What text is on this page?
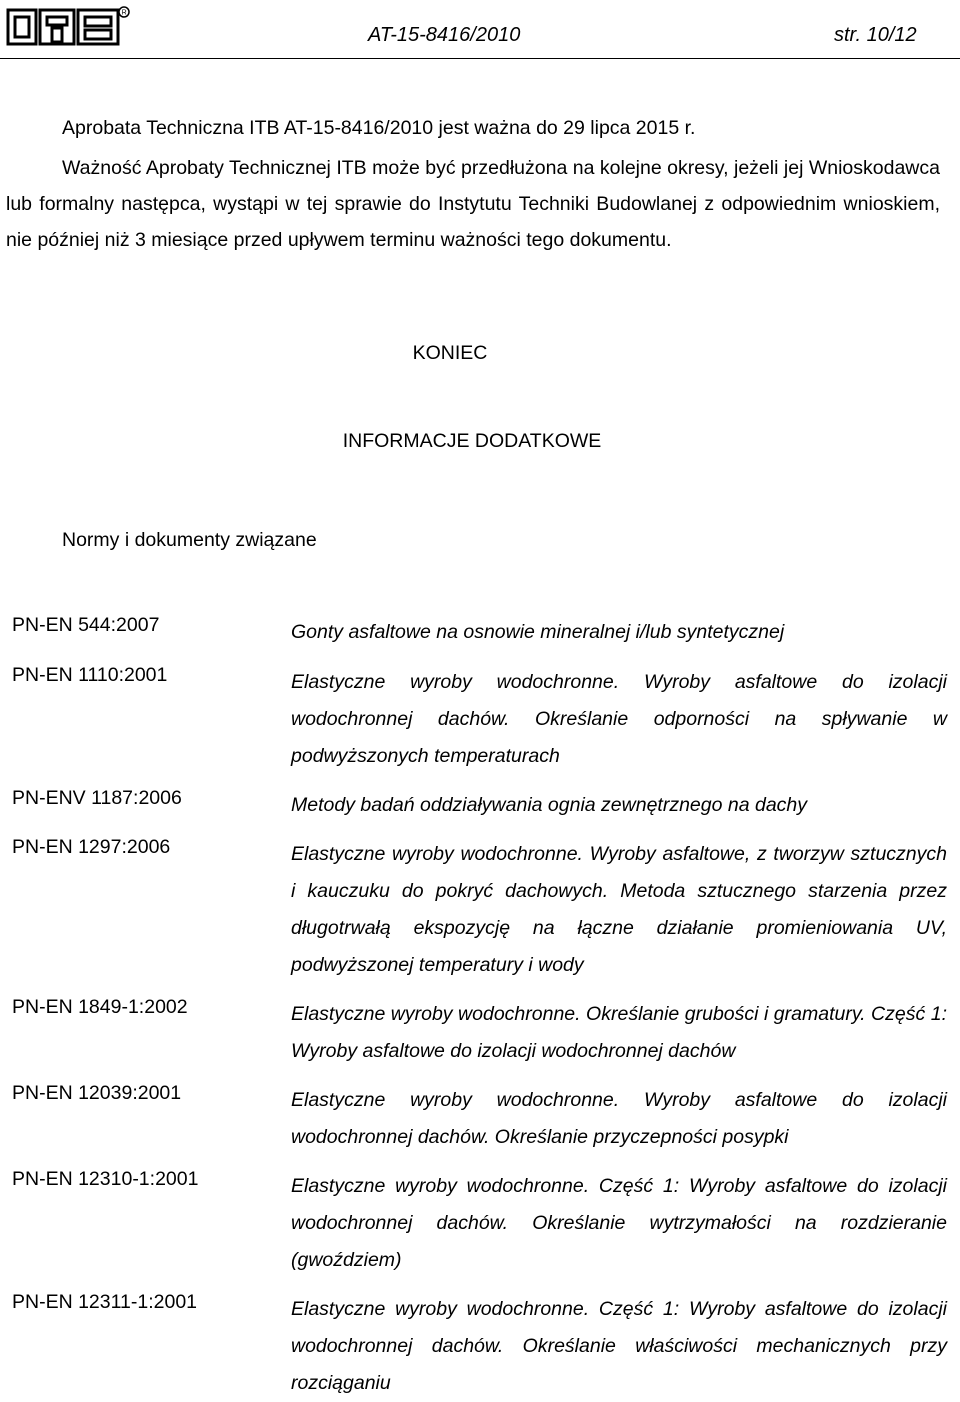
R
AT-15-8416/2010	str. 10/12
Aprobata Techniczna ITB AT-15-8416/2010 jest ważna do 29 lipca 2015 r.
Ważność Aprobaty Technicznej ITB może być przedłużona na kolejne okresy, jeżeli jej Wnioskodawca lub formalny następca, wystąpi w tej sprawie do Instytutu Techniki Budowlanej z odpowiednim wnioskiem, nie później niż 3 miesiące przed upływem terminu ważności tego dokumentu.
KONIEC
INFORMACJE DODATKOWE
Normy i dokumenty związane
PN-EN 544:2007	Gonty asfaltowe na osnowie mineralnej i/lub syntetycznej
PN-EN 1110:2001	Elastyczne wyroby wodochronne. Wyroby asfaltowe do izolacji wodochronnej dachów. Określanie odporności na spływanie w podwyższonych temperaturach
PN-ENV 1187:2006	Metody badań oddziaływania ognia zewnętrznego na dachy
PN-EN 1297:2006	Elastyczne wyroby wodochronne. Wyroby asfaltowe, z tworzyw sztucznych i kauczuku do pokryć dachowych. Metoda sztucznego starzenia przez długotrwałą ekspozycję na łączne działanie promieniowania UV, podwyższonej temperatury i wody
PN-EN 1849-1:2002	Elastyczne wyroby wodochronne. Określanie grubości i gramatury. Część 1: Wyroby asfaltowe do izolacji wodochronnej dachów
PN-EN 12039:2001	Elastyczne wyroby wodochronne. Wyroby asfaltowe do izolacji wodochronnej dachów. Określanie przyczepności posypki
PN-EN 12310-1:2001	Elastyczne wyroby wodochronne. Część 1: Wyroby asfaltowe do izolacji wodochronnej dachów. Określanie wytrzymałości na rozdzieranie (gwoździem)
PN-EN 12311-1:2001	Elastyczne wyroby wodochronne. Część 1: Wyroby asfaltowe do izolacji wodochronnej dachów. Określanie właściwości mechanicznych przy rozciąganiu
